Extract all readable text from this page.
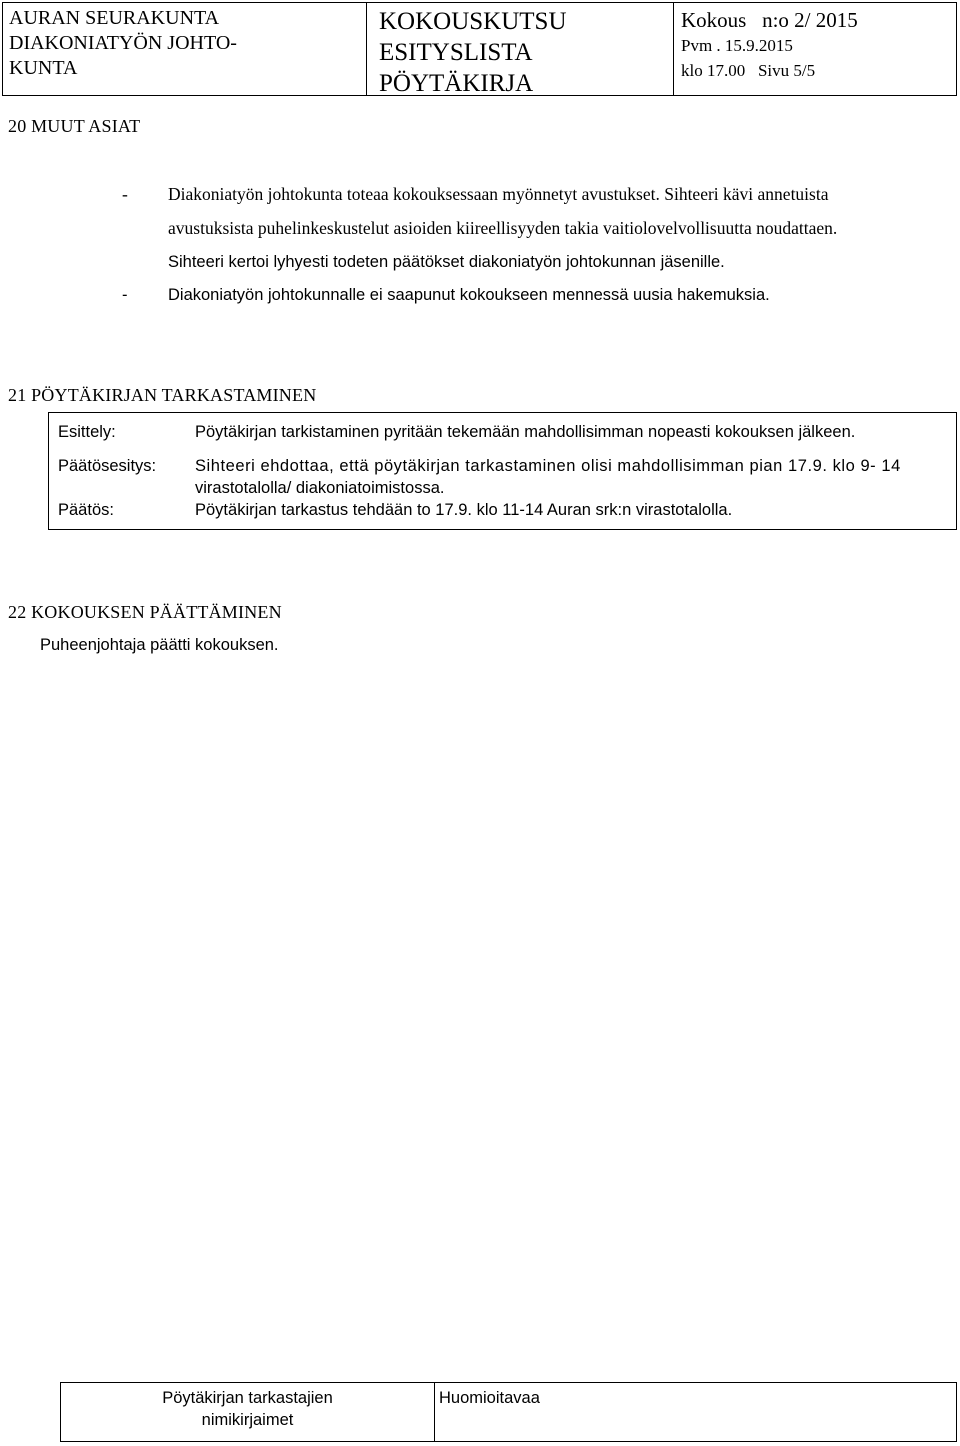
AURAN SEURAKUNTA
DIAKONIATYÖN JOHTO-
KUNTA
KOKOUSKUTSU
ESITYSLISTA
PÖYTÄKIRJA
Kokous   n:o 2/ 2015
Pvm . 15.9.2015
klo 17.00   Sivu 5/5
20 MUUT ASIAT
- Diakoniatyön johtokunta toteaa kokouksessaan myönnetyt avustukset. Sihteeri kävi annetuista
avustuksista puhelinkeskustelut asioiden kiireellisyyden takia vaitiolovelvollisuutta noudattaen.
Sihteeri kertoi lyhyesti todeten päätökset diakoniatyön johtokunnan jäsenille.
- Diakoniatyön johtokunnalle ei saapunut kokoukseen mennessä uusia hakemuksia.
21 PÖYTÄKIRJAN TARKASTAMINEN
Esittely:	Pöytäkirjan tarkistaminen pyritään tekemään mahdollisimman nopeasti kokouksen jälkeen.
Päätösesitys: Sihteeri ehdottaa, että pöytäkirjan tarkastaminen olisi mahdollisimman pian 17.9. klo 9- 14
virastotalolla/ diakoniatoimistossa.
Päätös:	Pöytäkirjan tarkastus tehdään to 17.9. klo 11-14 Auran srk:n virastotalolla.
22 KOKOUKSEN PÄÄTTÄMINEN
Puheenjohtaja päätti kokouksen.
Pöytäkirjan tarkastajien
nimikirjaimet
Huomioitavaa
